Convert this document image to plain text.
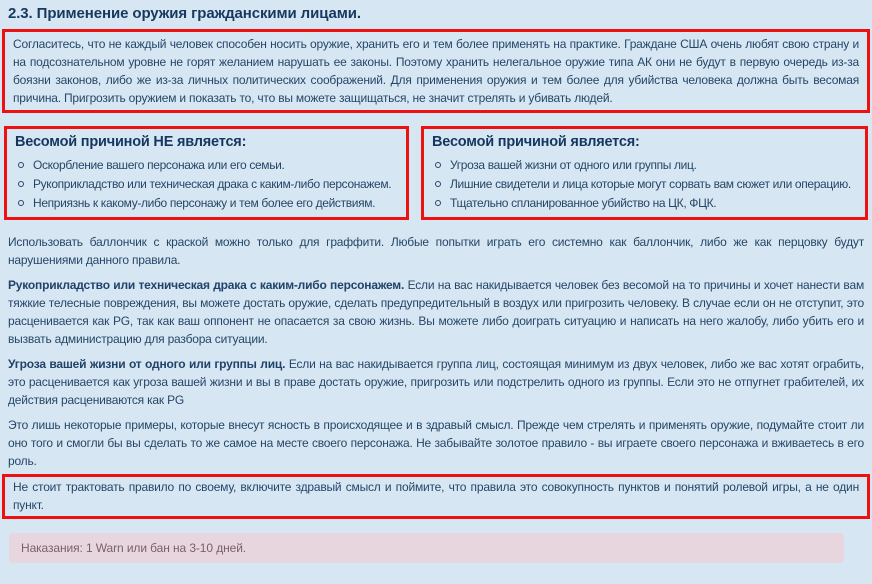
2.3. Применение оружия гражданскими лицами.

Согласитесь, что не каждый человек способен носить оружие, хранить его и тем более применять на практике. Граждане США очень любят свою страну и на подсознательном уровне не горят желанием нарушать ее законы. Поэтому хранить нелегальное оружие типа АК они не будут в первую очередь из-за боязни законов, либо же из-за личных политических соображений. Для применения оружия и тем более для убийства человека должна быть весомая причина. Пригрозить оружием и показать то, что вы можете защищаться, не значит стрелять и убивать людей.

Весомой причиной НЕ является:
Оскорбление вашего персонажа или его семьи.
Рукоприкладство или техническая драка с каким-либо персонажем.
Неприязнь к какому-либо персонажу и тем более его действиям.
Весомой причиной является:
Угроза вашей жизни от одного или группы лиц.
Лишние свидетели и лица которые могут сорвать вам сюжет или операцию.
Тщательно спланированное убийство на ЦК, ФЦК.

Использовать баллончик с краской можно только для граффити. Любые попытки играть его системно как баллончик, либо же как перцовку будут нарушениями данного правила.

Рукоприкладство или техническая драка с каким-либо персонажем. Если на вас накидывается человек без весомой на то причины и хочет нанести вам тяжкие телесные повреждения, вы можете достать оружие, сделать предупредительный в воздух или пригрозить человеку. В случае если он не отступит, это расценивается как PG, так как ваш оппонент не опасается за свою жизнь. Вы можете либо доиграть ситуацию и написать на него жалобу, либо убить его и вызвать администрацию для разбора ситуации.

Угроза вашей жизни от одного или группы лиц. Если на вас накидывается группа лиц, состоящая минимум из двух человек, либо же вас хотят ограбить, это расценивается как угроза вашей жизни и вы в праве достать оружие, пригрозить или подстрелить одного из группы. Если это не отпугнет грабителей, их действия расцениваются как PG

Это лишь некоторые примеры, которые внесут ясность в происходящее и в здравый смысл. Прежде чем стрелять и применять оружие, подумайте стоит ли оно того и смогли бы вы сделать то же самое на месте своего персонажа. Не забывайте золотое правило - вы играете своего персонажа и вживаетесь в его роль.

Не стоит трактовать правило по своему, включите здравый смысл и поймите, что правила это совокупность пунктов и понятий ролевой игры, а не один пункт.

Наказания: 1 Warn или бан на 3-10 дней.
